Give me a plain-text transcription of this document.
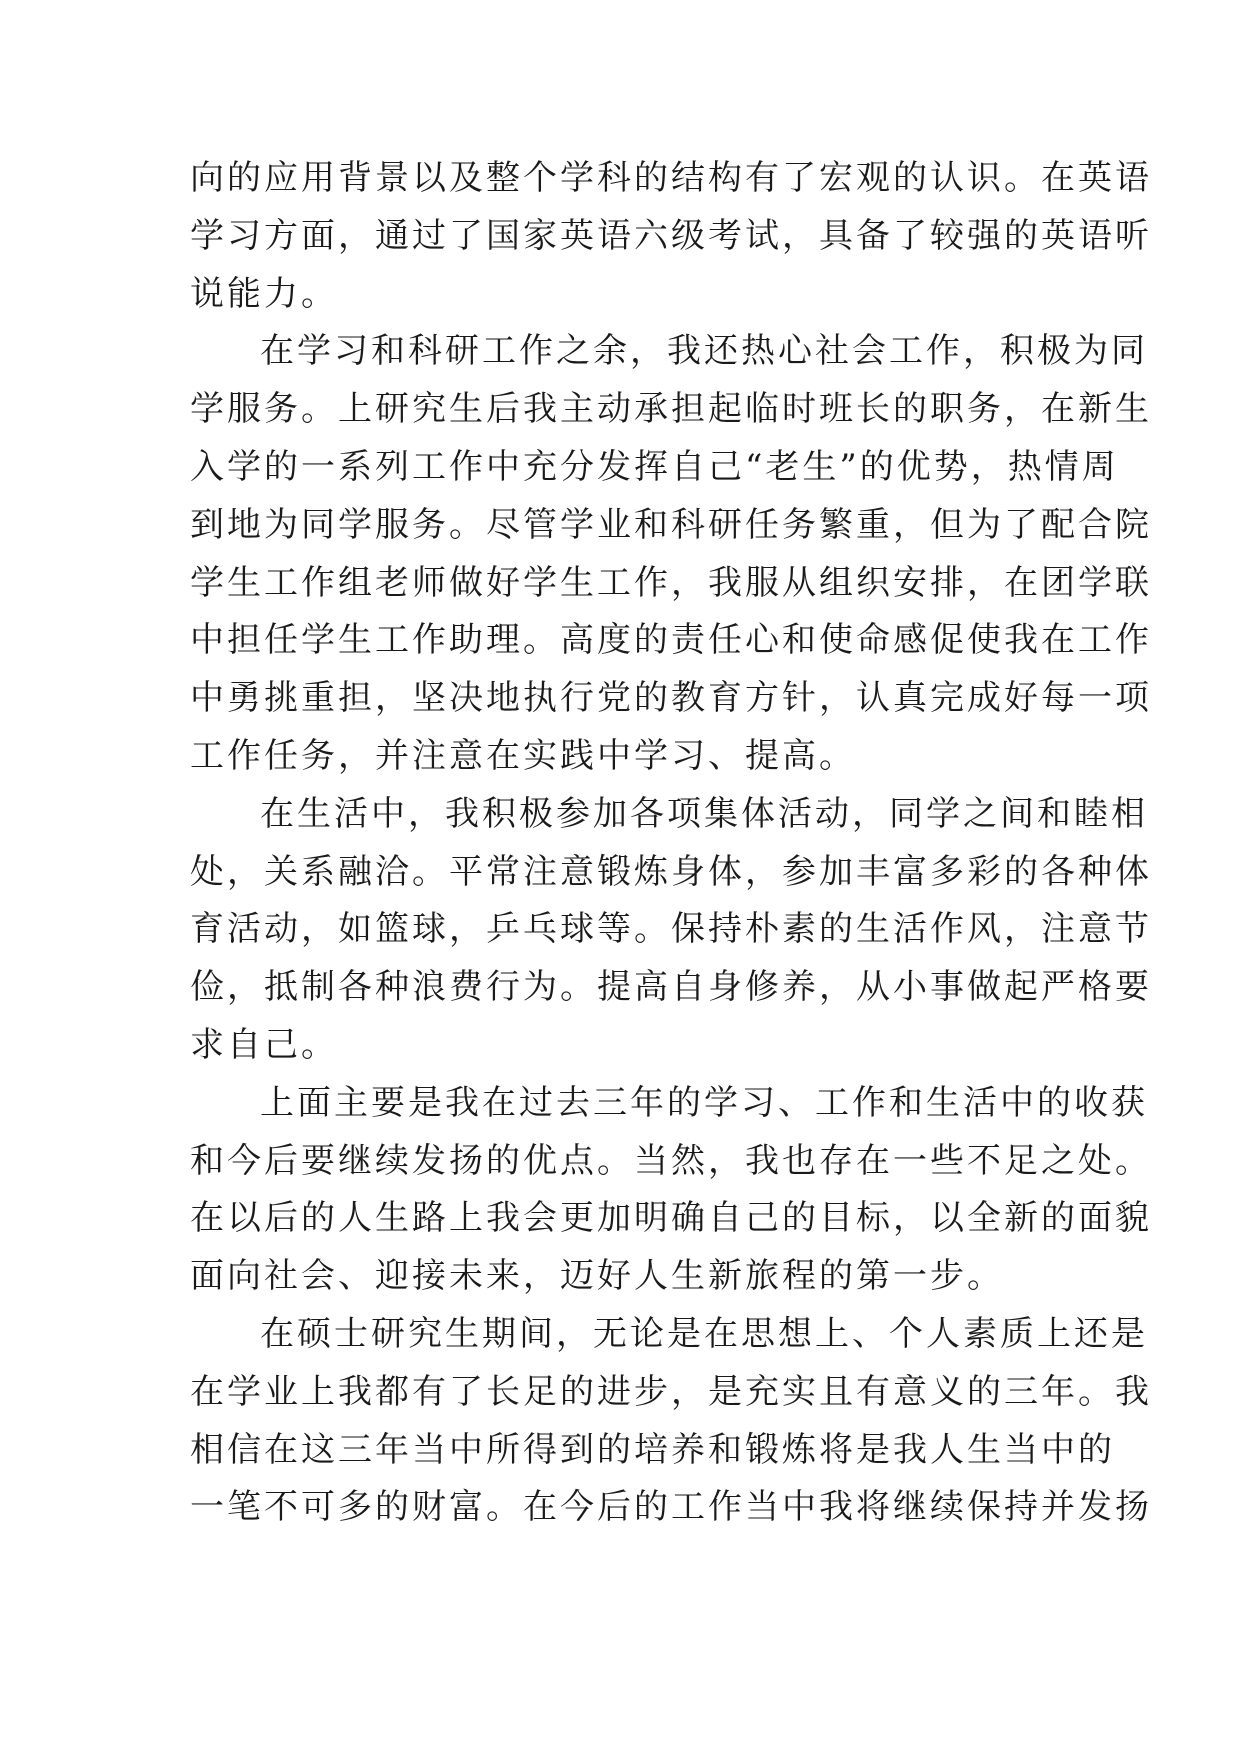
向的应用背景以及整个学科的结构有了宏观的认识。在英语
学习方面，通过了国家英语六级考试，具备了较强的英语听
说能力。
在学习和科研工作之余，我还热心社会工作，积极为同
学服务。上研究生后我主动承担起临时班长的职务，在新生
入学的一系列工作中充分发挥自己“老生”的优势，热情周
到地为同学服务。尽管学业和科研任务繁重，但为了配合院
学生工作组老师做好学生工作，我服从组织安排，在团学联
中担任学生工作助理。高度的责任心和使命感促使我在工作
中勇挑重担，坚决地执行党的教育方针，认真完成好每一项
工作任务，并注意在实践中学习、提高。
在生活中，我积极参加各项集体活动，同学之间和睦相
处，关系融洽。平常注意锻炼身体，参加丰富多彩的各种体
育活动，如篮球，乒乓球等。保持朴素的生活作风，注意节
俭，抵制各种浪费行为。提高自身修养，从小事做起严格要
求自己。
上面主要是我在过去三年的学习、工作和生活中的收获
和今后要继续发扬的优点。当然，我也存在一些不足之处。
在以后的人生路上我会更加明确自己的目标，以全新的面貌
面向社会、迎接未来，迈好人生新旅程的第一步。
在硕士研究生期间，无论是在思想上、个人素质上还是
在学业上我都有了长足的进步，是充实且有意义的三年。我
相信在这三年当中所得到的培养和锻炼将是我人生当中的
一笔不可多的财富。在今后的工作当中我将继续保持并发扬
